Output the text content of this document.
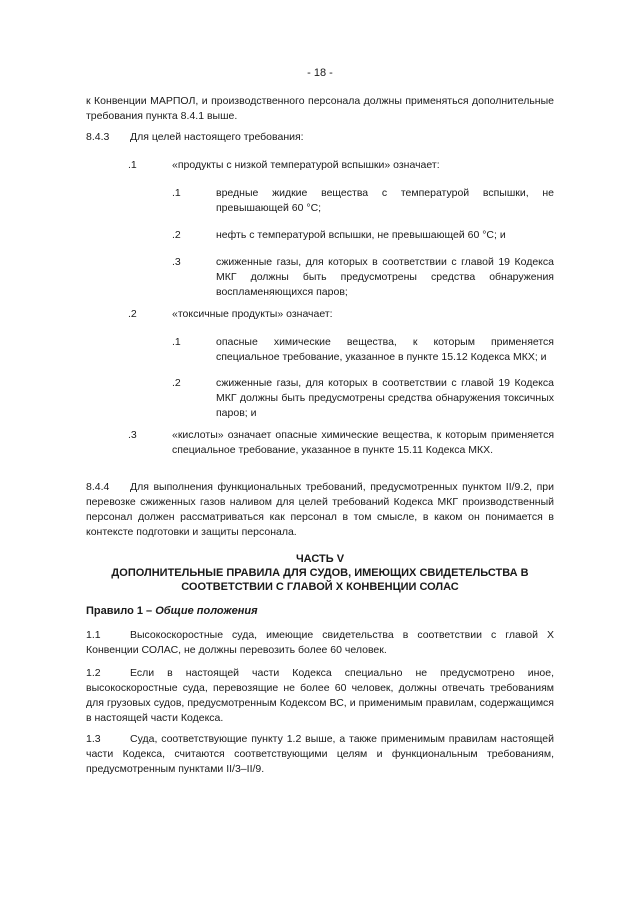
- 18 -
к Конвенции МАРПОЛ, и производственного персонала должны применяться дополнительные требования пункта 8.4.1 выше.
8.4.3 Для целей настоящего требования:
.1	«продукты с низкой температурой вспышки» означает:
.1	вредные жидкие вещества с температурой вспышки, не превышающей 60 °С;
.2	нефть с температурой вспышки, не превышающей 60 °С; и
.3	сжиженные газы, для которых в соответствии с главой 19 Кодекса МКГ должны быть предусмотрены средства обнаружения воспламеняющихся паров;
.2	«токсичные продукты» означает:
.1	опасные химические вещества, к которым применяется специальное требование, указанное в пункте 15.12 Кодекса МКХ; и
.2	сжиженные газы, для которых в соответствии с главой 19 Кодекса МКГ должны быть предусмотрены средства обнаружения токсичных паров; и
.3	«кислоты» означает опасные химические вещества, к которым применяется специальное требование, указанное в пункте 15.11 Кодекса МКХ.
Для выполнения функциональных требований, предусмотренных пунктом II/9.2, при перевозке сжиженных газов наливом для целей требований Кодекса МКГ производственный персонал должен рассматриваться как персонал в том смысле, в каком он понимается в контексте подготовки и защиты персонала.
8.4.4
ЧАСТЬ V
ДОПОЛНИТЕЛЬНЫЕ ПРАВИЛА ДЛЯ СУДОВ, ИМЕЮЩИХ СВИДЕТЕЛЬСТВА В
СООТВЕТСТВИИ С ГЛАВОЙ Х КОНВЕНЦИИ СОЛАС
Правило 1 – Общие положения
Высокоскоростные суда, имеющие свидетельства в соответствии с главой Х Конвенции СОЛАС, не должны перевозить более 60 человек.
1.1
Если в настоящей части Кодекса специально не предусмотрено иное, высокоскоростные суда, перевозящие не более 60 человек, должны отвечать требованиям для грузовых судов, предусмотренным Кодексом ВС, и применимым правилам, содержащимся в настоящей части Кодекса.
1.2
Суда, соответствующие пункту 1.2 выше, а также применимым правилам настоящей части Кодекса, считаются соответствующими целям и функциональным требованиям, предусмотренным пунктами II/3–II/9.
1.3
